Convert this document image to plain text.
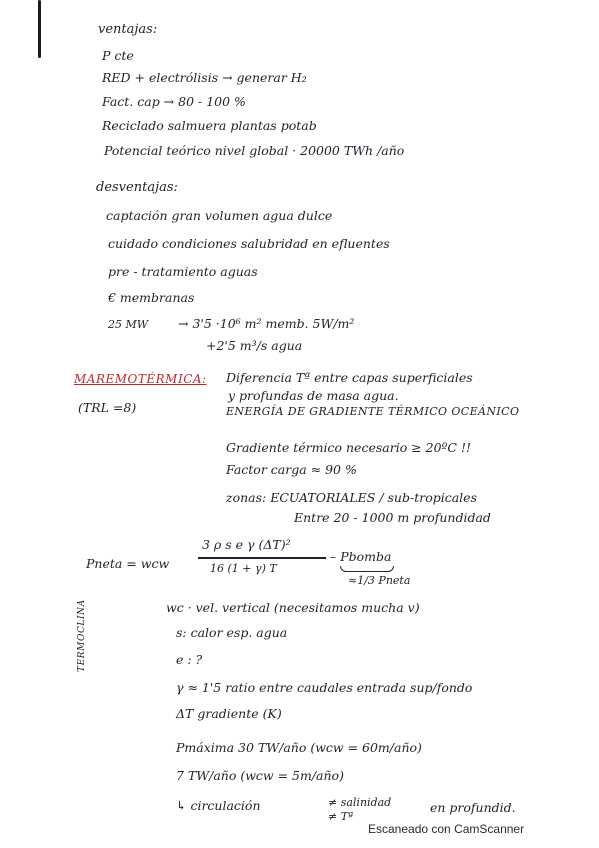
ventajas:
P cte
RED + electrólisis → generar H₂
Fact. cap → 80 - 100 %
Reciclado salmuera plantas potab
Potencial teórico nivel global · 20000 TWh /año
desventajas:
captación gran volumen agua dulce
cuidado condiciones salubridad en efluentes
pre - tratamiento aguas
€ membranas
25 MW → 3'5 ·10⁶ m² memb. 5W/m²
+2'5 m³/s agua
MAREMOTÉRMICA:
(TRL =8)
Diferencia Tª entre capas superficiales
y profundas de masa agua.
ENERGÍA DE GRADIENTE TÉRMICO OCEÁNICO
Gradiente térmico necesario ≥ 20ºC !!
Factor carga ≈ 90 %
zonas: ECUATORIALES / sub-tropicales
Entre 20 - 1000 m profundidad
Pneta = wcw
3 ρ s e γ (ΔT)²
16 (1 + γ) T
– Pbomba
≈1/3 Pneta
TERMOCLINA	wc · vel. vertical (necesitamos mucha v)
s: calor esp. agua
e : ?
γ ≈ 1'5 ratio entre caudales entrada sup/fondo
ΔT gradiente (K)
Pmáxima 30 TW/año (wcw = 60m/año)
7 TW/año (wcw = 5m/año)
↳ circulación	≠ salinidad
≠ Tª
en profundid.
Escaneado con CamScanner
